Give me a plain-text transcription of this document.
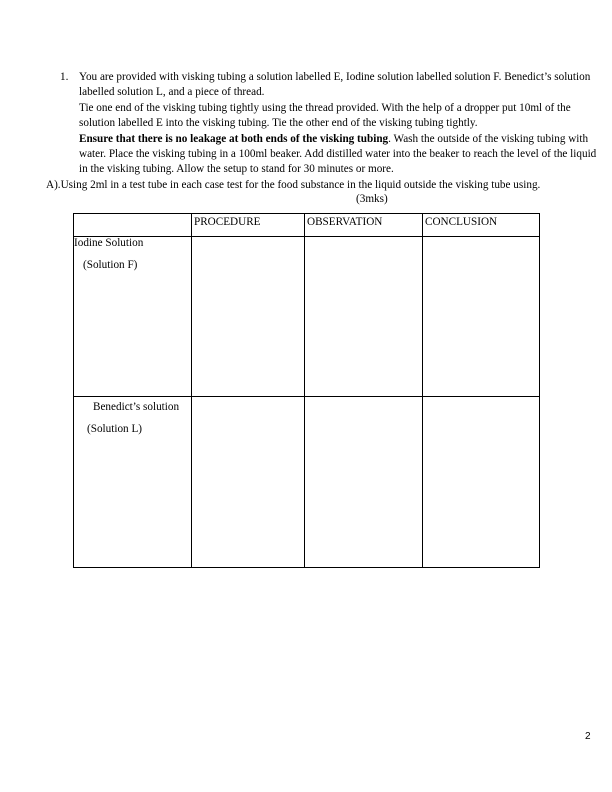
1. You are provided with visking tubing a solution labelled E, Iodine solution labelled solution F. Benedict’s solution labelled solution L, and a piece of thread.

Tie one end of the visking tubing tightly using the thread provided. With the help of a dropper put 10ml of the solution labelled E into the visking tubing. Tie the other end of the visking tubing tightly.
Ensure that there is no leakage at both ends of the visking tubing. Wash the outside of the visking tubing with water. Place the visking tubing in a 100ml beaker. Add distilled water into the beaker to reach the level of the liquid in the visking tubing. Allow the setup to stand for 30 minutes or more.

A).Using 2ml in a test tube in each case test for the food substance in the liquid outside the visking tube using.
(3mks)

	PROCEDURE	OBSERVATION	CONCLUSION

Iodine Solution
(Solution F)			

Benedict’s solution
(Solution L)			

2
